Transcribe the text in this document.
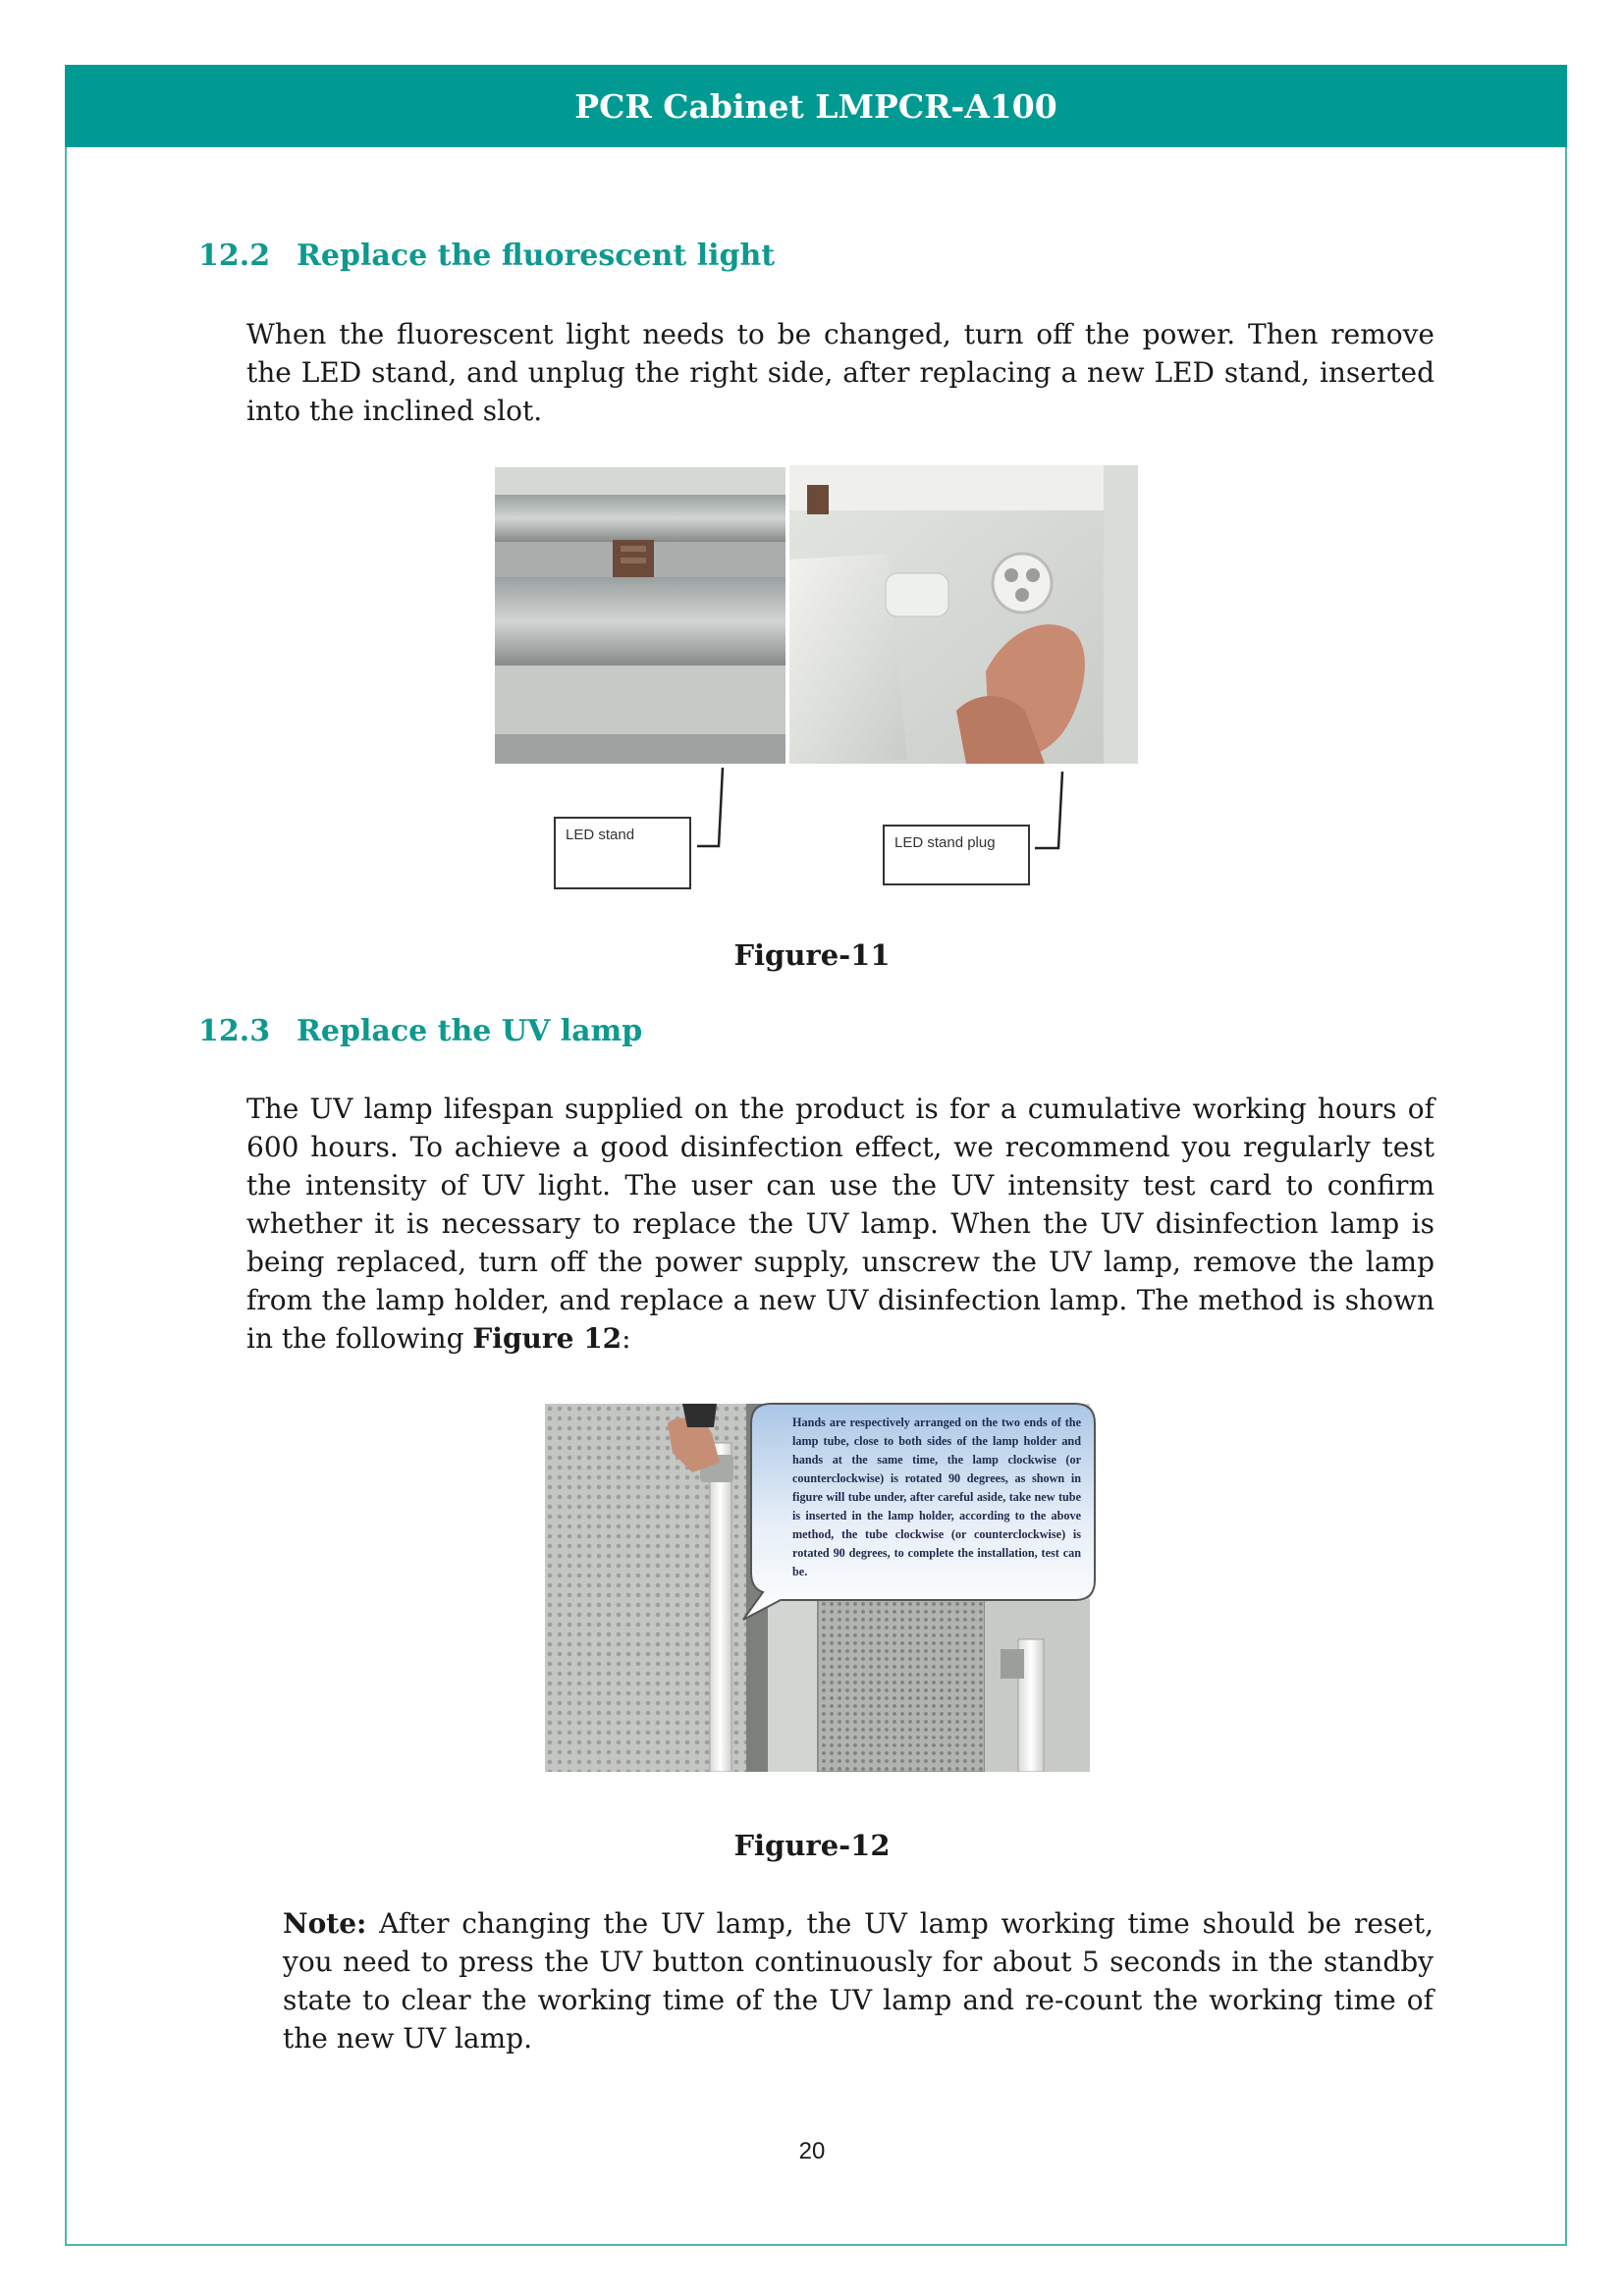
PCR Cabinet LMPCR-A100
12.2 Replace the fluorescent light
When the fluorescent light needs to be changed, turn off the power. Then remove the LED stand, and unplug the right side, after replacing a new LED stand, inserted into the inclined slot.
LED stand	LED stand plug
Figure-11
12.3 Replace the UV lamp
The UV lamp lifespan supplied on the product is for a cumulative working hours of 600 hours. To achieve a good disinfection effect, we recommend you regularly test the intensity of UV light. The user can use the UV intensity test card to confirm whether it is necessary to replace the UV lamp. When the UV disinfection lamp is being replaced, turn off the power supply, unscrew the UV lamp, remove the lamp from the lamp holder, and replace a new UV disinfection lamp. The method is shown in the following Figure 12:
Hands are respectively arranged on the two ends of the lamp tube, close to both sides of the lamp holder and hands at the same time, the lamp clockwise (or counterclockwise) is rotated 90 degrees, as shown in figure will tube under, after careful aside, take new tube is inserted in the lamp holder, according to the above method, the tube clockwise (or counterclockwise) is rotated 90 degrees, to complete the installation, test can be.
Figure-12
Note: After changing the UV lamp, the UV lamp working time should be reset, you need to press the UV button continuously for about 5 seconds in the standby state to clear the working time of the UV lamp and re-count the working time of the new UV lamp.
20
